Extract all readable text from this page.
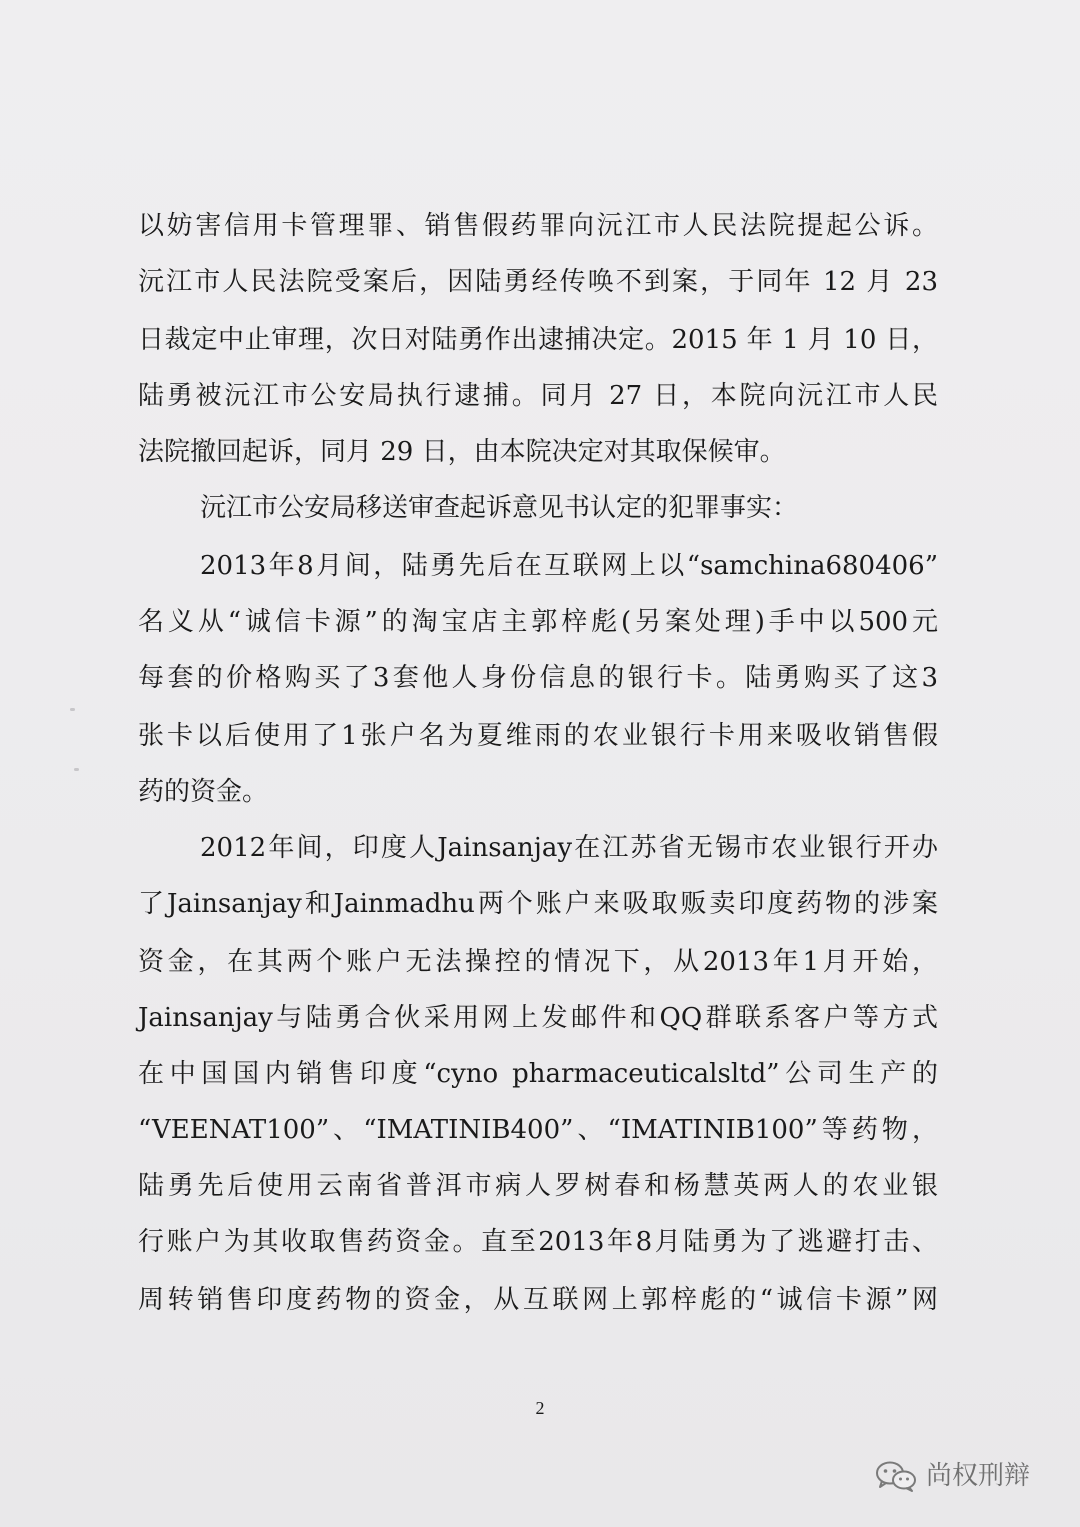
以妨害信用卡管理罪、销售假药罪向沅江市人民法院提起公诉。
沅江市人民法院受案后，因陆勇经传唤不到案，于同年 12 月 23
日裁定中止审理，次日对陆勇作出逮捕决定。2015 年 1 月 10 日，
陆勇被沅江市公安局执行逮捕。同月 27 日，本院向沅江市人民
法院撤回起诉，同月 29 日，由本院决定对其取保候审。
沅江市公安局移送审查起诉意见书认定的犯罪事实：
2013年8月间，陆勇先后在互联网上以“samchina680406”
名义从“诚信卡源”的淘宝店主郭梓彪(另案处理)手中以500元
每套的价格购买了3套他人身份信息的银行卡。陆勇购买了这3
张卡以后使用了1张户名为夏维雨的农业银行卡用来吸收销售假
药的资金。
2012年间，印度人Jainsanjay在江苏省无锡市农业银行开办
了Jainsanjay和Jainmadhu两个账户来吸取贩卖印度药物的涉案
资金，在其两个账户无法操控的情况下，从2013年1月开始，
Jainsanjay与陆勇合伙采用网上发邮件和QQ群联系客户等方式
在中国国内销售印度“cyno pharmaceuticalsltd”公司生产的
“VEENAT100”、“IMATINIB400”、“IMATINIB100”等药物，
陆勇先后使用云南省普洱市病人罗树春和杨慧英两人的农业银
行账户为其收取售药资金。直至2013年8月陆勇为了逃避打击、
周转销售印度药物的资金，从互联网上郭梓彪的“诚信卡源”网
2
尚权刑辩
